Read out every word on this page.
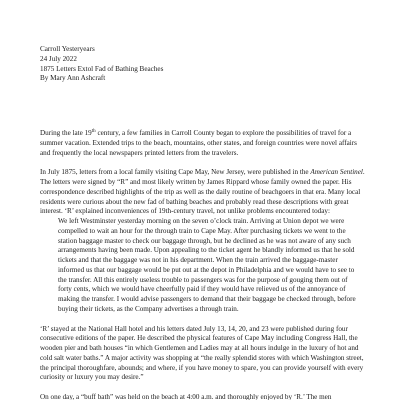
Carroll Yesteryears

24 July 2022

1875 Letters Extol Fad of Bathing Beaches

By Mary Ann Ashcraft

During the late 19th century, a few families in Carroll County began to explore the possibilities of travel for a summer vacation. Extended trips to the beach, mountains, other states, and foreign countries were novel affairs and frequently the local newspapers printed letters from the travelers.

In July 1875, letters from a local family visiting Cape May, New Jersey, were published in the American Sentinel. The letters were signed by “R” and most likely written by James Rippard whose family owned the paper. His correspondence described highlights of the trip as well as the daily routine of beachgoers in that era. Many local residents were curious about the new fad of bathing beaches and probably read these descriptions with great interest. ‘R’ explained inconveniences of 19th-century travel, not unlike problems encountered today:

We left Westminster yesterday morning on the seven o’clock train. Arriving at Union depot we were compelled to wait an hour for the through train to Cape May. After purchasing tickets we went to the station baggage master to check our baggage through, but he declined as he was not aware of any such arrangements having been made. Upon appealing to the ticket agent he blandly informed us that he sold tickets and that the baggage was not in his department. When the train arrived the baggage-master informed us that our baggage would be put out at the depot in Philadelphia and we would have to see to the transfer. All this entirely useless trouble to passengers was for the purpose of gouging them out of forty cents, which we would have cheerfully paid if they would have relieved us of the annoyance of making the transfer. I would advise passengers to demand that their baggage be checked through, before buying their tickets, as the Company advertises a through train.

‘R’ stayed at the National Hall hotel and his letters dated July 13, 14, 20, and 23 were published during four consecutive editions of the paper. He described the physical features of Cape May including Congress Hall, the wooden pier and bath houses “in which Gentlemen and Ladies may at all hours indulge in the luxury of hot and cold salt water baths.” A major activity was shopping at “the really splendid stores with which Washington street, the principal thoroughfare, abounds; and where, if you have money to spare, you can provide yourself with every curiosity or luxury you may desire.”

On one day, a “buff bath” was held on the beach at 4:00 a.m. and thoroughly enjoyed by ‘R.’ The men
